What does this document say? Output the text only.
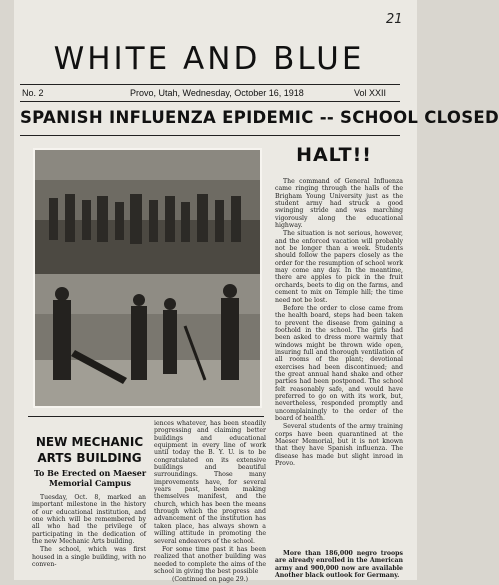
21
WHITE AND BLUE
No. 2	Provo, Utah, Wednesday, October 16, 1918	Vol XXII
SPANISH INFLUENZA EPIDEMIC -- SCHOOL CLOSED
HALT!!

The command of General Influenza came ringing through the halls of the Brigham Young University just as the student army had struck a good swinging stride and was marching vigorously along the educational highway.

The situation is not serious, however, and the enforced vacation will probably not be longer than a week. Students should follow the papers closely as the order for the resumption of school work may come any day. In the meantime, there are apples to pick in the fruit orchards, beets to dig on the farms, and cement to mix on Temple hill; the time need not be lost.

Before the order to close came from the health board, steps had been taken to prevent the disease from gaining a foothold in the school. The girls had been asked to dress more warmly that windows might be thrown wide open, insuring full and thorough ventilation of all rooms of the plant; devotional exercises had been discontinued; and the great annual hand shake and other parties had been postponed. The school felt reasonably safe, and would have preferred to go on with its work, but, nevertheless, responded promptly and uncomplainingly to the order of the board of health.

Several students of the army training corps have been quarantined at the Maeser Memorial, but it is not known that they have Spanish influenza. The disease has made but slight inroad in Provo.

More than 186,000 negro troops are already enrolled in the American army and 900,000 now are available Another black outlook for Germany.

NEW MECHANIC ARTS BUILDING
To Be Erected on Maeser Memorial Campus

Tuesday, Oct. 8, marked an important milestone in the history of our educational institution, and one which will be remembered by all who had the privilege of participating in the dedication of the new Mechanic Arts building.

The school, which was first housed in a single building, with no conven-

iences whatever, has been steadily progressing and claiming better buildings and educational equipment in every line of work until today the B. Y. U. is to be congratulated on its extensive buildings and beautiful surroundings. Those many improvements have, for several years past, been making themselves manifest, and the church, which has been the means through which the progress and advancement of the institution has taken place, has always shown a willing attitude in promoting the several endeavors of the school.

For some time past it has been realized that another building was needed to complete the aims of the school in giving the best possible

(Continued on page 29.)
